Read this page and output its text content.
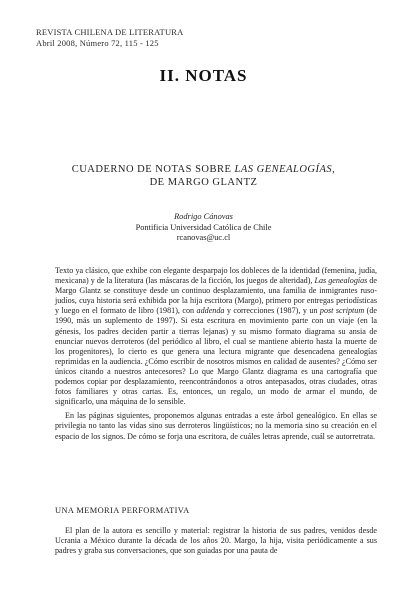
REVISTA CHILENA DE LITERATURA
Abril 2008, Número 72, 115 - 125
II. NOTAS
CUADERNO DE NOTAS SOBRE LAS GENEALOGÍAS,
DE MARGO GLANTZ
Rodrigo Cánovas
Pontificia Universidad Católica de Chile
rcanovas@uc.cl

Texto ya clásico, que exhibe con elegante desparpajo los dobleces de la identidad (femenina, judía, mexicana) y de la literatura (las máscaras de la ficción, los juegos de alteridad), Las genealogías de Margo Glantz se constituye desde un continuo desplazamiento, una familia de inmigrantes ruso-judíos, cuya historia será exhibida por la hija escritora (Margo), primero por entregas periodísticas y luego en el formato de libro (1981), con addenda y correcciones (1987), y un post scriptum (de 1990, más un suplemento de 1997). Si esta escritura en movimiento parte con un viaje (en la génesis, los padres deciden partir a tierras lejanas) y su mismo formato diagrama su ansia de enunciar nuevos derroteros (del periódico al libro, el cual se mantiene abierto hasta la muerte de los progenitores), lo cierto es que genera una lectura migrante que desencadena genealogías reprimidas en la audiencia. ¿Cómo escribir de nosotros mismos en calidad de ausentes? ¿Cómo ser únicos citando a nuestros antecesores? Lo que Margo Glantz diagrama es una cartografía que podemos copiar por desplazamiento, reencontrándonos a otros antepasados, otras ciudades, otras fotos familiares y otras cartas. Es, entonces, un regalo, un modo de armar el mundo, de significarlo, una máquina de lo sensible.

En las páginas siguientes, proponemos algunas entradas a este árbol genealógico. En ellas se privilegia no tanto las vidas sino sus derroteros lingüísticos; no la memoria sino su creación en el espacio de los signos. De cómo se forja una escritora, de cuáles letras aprende, cuál se autorretrata.

UNA MEMORIA PERFORMATIVA

El plan de la autora es sencillo y material: registrar la historia de sus padres, venidos desde Ucrania a México durante la década de los años 20. Margo, la hija, visita periódicamente a sus padres y graba sus conversaciones, que son guiadas por una pauta de
